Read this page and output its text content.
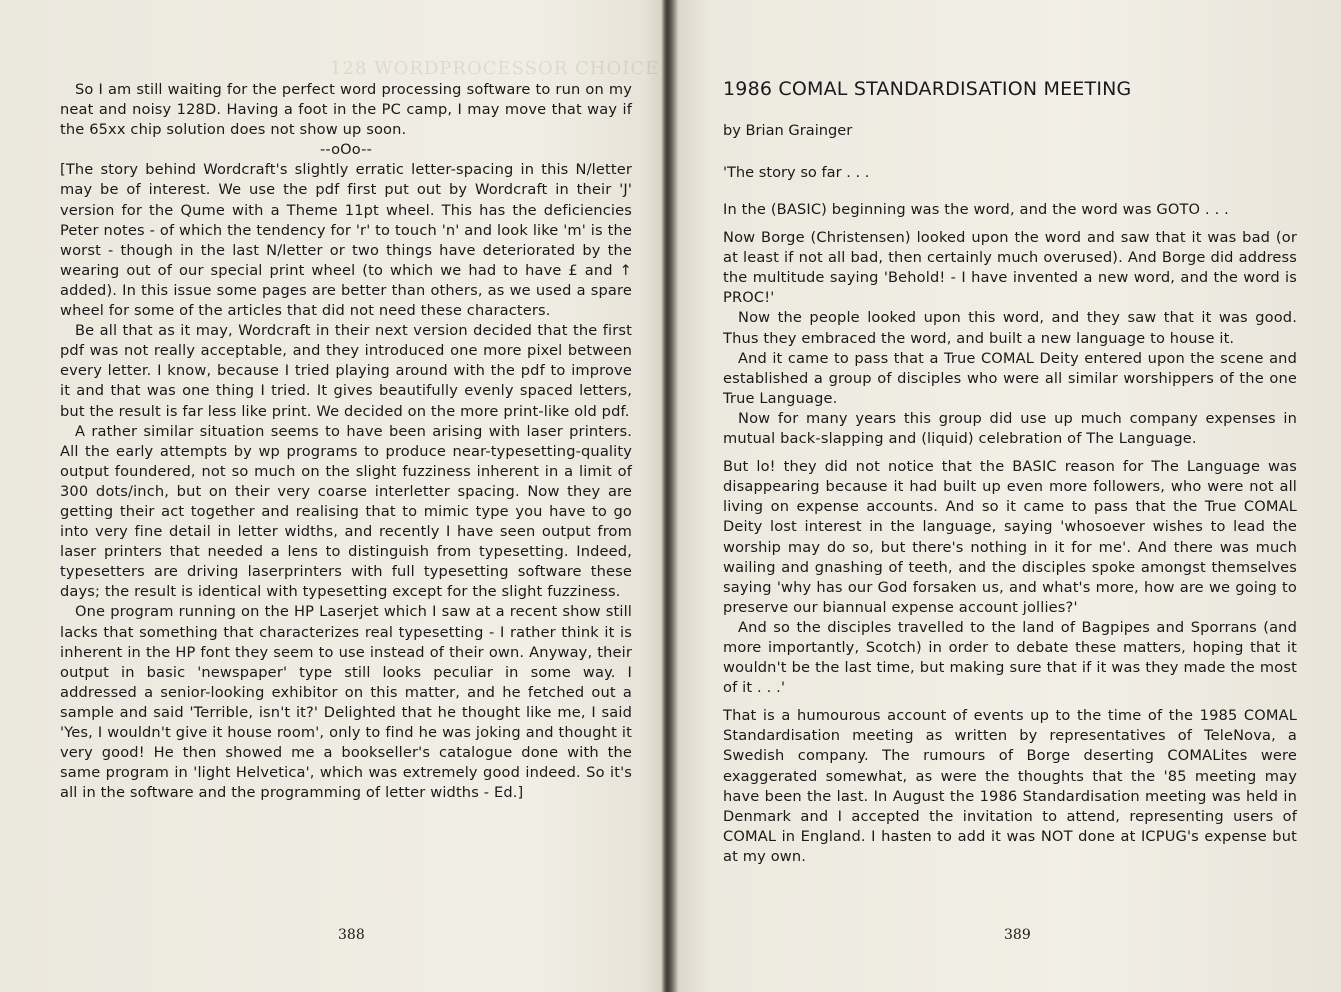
128 WORDPROCESSOR CHOICE

So I am still waiting for the perfect word processing software to run on my neat and noisy 128D. Having a foot in the PC camp, I may move that way if the 65xx chip solution does not show up soon.

--oOo--

[The story behind Wordcraft's slightly erratic letter-spacing in this N/letter may be of interest. We use the pdf first put out by Wordcraft in their 'J' version for the Qume with a Theme 11pt wheel. This has the deficiencies Peter notes - of which the tendency for 'r' to touch 'n' and look like 'm' is the worst - though in the last N/letter or two things have deteriorated by the wearing out of our special print wheel (to which we had to have £ and ↑ added). In this issue some pages are better than others, as we used a spare wheel for some of the articles that did not need these characters.

Be all that as it may, Wordcraft in their next version decided that the first pdf was not really acceptable, and they introduced one more pixel between every letter. I know, because I tried playing around with the pdf to improve it and that was one thing I tried. It gives beautifully evenly spaced letters, but the result is far less like print. We decided on the more print-like old pdf.

A rather similar situation seems to have been arising with laser printers. All the early attempts by wp programs to produce near-typesetting-quality output foundered, not so much on the slight fuzziness inherent in a limit of 300 dots/inch, but on their very coarse interletter spacing. Now they are getting their act together and realising that to mimic type you have to go into very fine detail in letter widths, and recently I have seen output from laser printers that needed a lens to distinguish from typesetting. Indeed, typesetters are driving laserprinters with full typesetting software these days; the result is identical with typesetting except for the slight fuzziness.

One program running on the HP Laserjet which I saw at a recent show still lacks that something that characterizes real typesetting - I rather think it is inherent in the HP font they seem to use instead of their own. Anyway, their output in basic 'newspaper' type still looks peculiar in some way. I addressed a senior-looking exhibitor on this matter, and he fetched out a sample and said 'Terrible, isn't it?' Delighted that he thought like me, I said 'Yes, I wouldn't give it house room', only to find he was joking and thought it very good! He then showed me a bookseller's catalogue done with the same program in 'light Helvetica', which was extremely good indeed. So it's all in the software and the programming of letter widths - Ed.]

388
1986 COMAL STANDARDISATION MEETING
by Brian Grainger
'The story so far . . .

In the (BASIC) beginning was the word, and the word was GOTO . . .

Now Borge (Christensen) looked upon the word and saw that it was bad (or at least if not all bad, then certainly much overused). And Borge did address the multitude saying 'Behold! - I have invented a new word, and the word is PROC!'

Now the people looked upon this word, and they saw that it was good. Thus they embraced the word, and built a new language to house it.

And it came to pass that a True COMAL Deity entered upon the scene and established a group of disciples who were all similar worshippers of the one True Language.

Now for many years this group did use up much company expenses in mutual back-slapping and (liquid) celebration of The Language.

But lo! they did not notice that the BASIC reason for The Language was disappearing because it had built up even more followers, who were not all living on expense accounts. And so it came to pass that the True COMAL Deity lost interest in the language, saying 'whosoever wishes to lead the worship may do so, but there's nothing in it for me'. And there was much wailing and gnashing of teeth, and the disciples spoke amongst themselves saying 'why has our God forsaken us, and what's more, how are we going to preserve our biannual expense account jollies?'

And so the disciples travelled to the land of Bagpipes and Sporrans (and more importantly, Scotch) in order to debate these matters, hoping that it wouldn't be the last time, but making sure that if it was they made the most of it . . .'

That is a humourous account of events up to the time of the 1985 COMAL Standardisation meeting as written by representatives of TeleNova, a Swedish company. The rumours of Borge deserting COMALites were exaggerated somewhat, as were the thoughts that the '85 meeting may have been the last. In August the 1986 Standardisation meeting was held in Denmark and I accepted the invitation to attend, representing users of COMAL in England. I hasten to add it was NOT done at ICPUG's expense but at my own.

389
